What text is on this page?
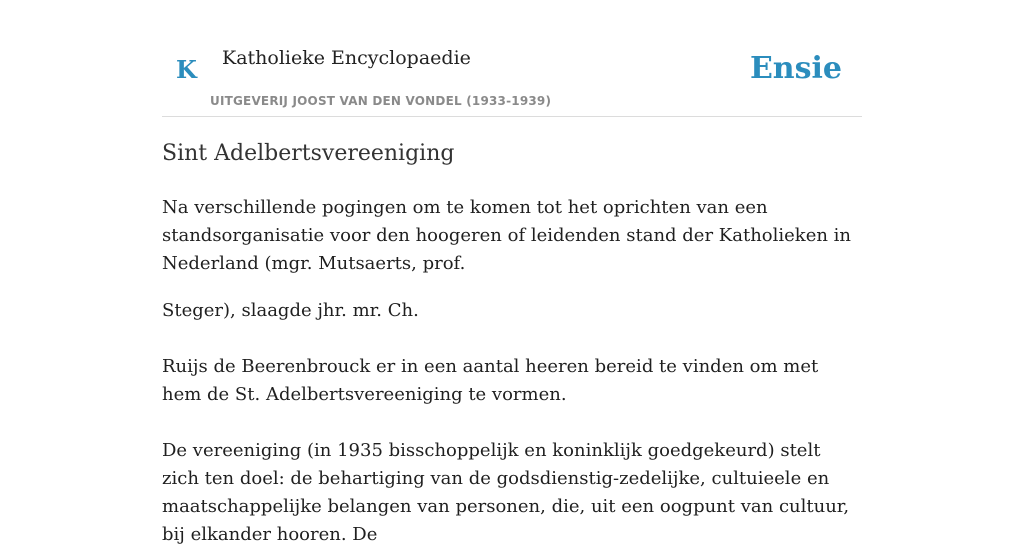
K Katholieke Encyclopaedie
UITGEVERIJ JOOST VAN DEN VONDEL (1933-1939)
Ensie
Sint Adelbertsvereeniging

Na verschillende pogingen om te komen tot het oprichten van een standsorganisatie voor den hoogeren of leidenden stand der Katholieken in Nederland (mgr. Mutsaerts, prof.

Steger), slaagde jhr. mr. Ch.

Ruijs de Beerenbrouck er in een aantal heeren bereid te vinden om met hem de St. Adelbertsvereeniging te vormen.

De vereeniging (in 1935 bisschoppelijk en koninklijk goedgekeurd) stelt zich ten doel: de behartiging van de godsdienstig-zedelijke, cultuieele en maatschappelijke belangen van personen, die, uit een oogpunt van cultuur, bij elkander hooren. De
